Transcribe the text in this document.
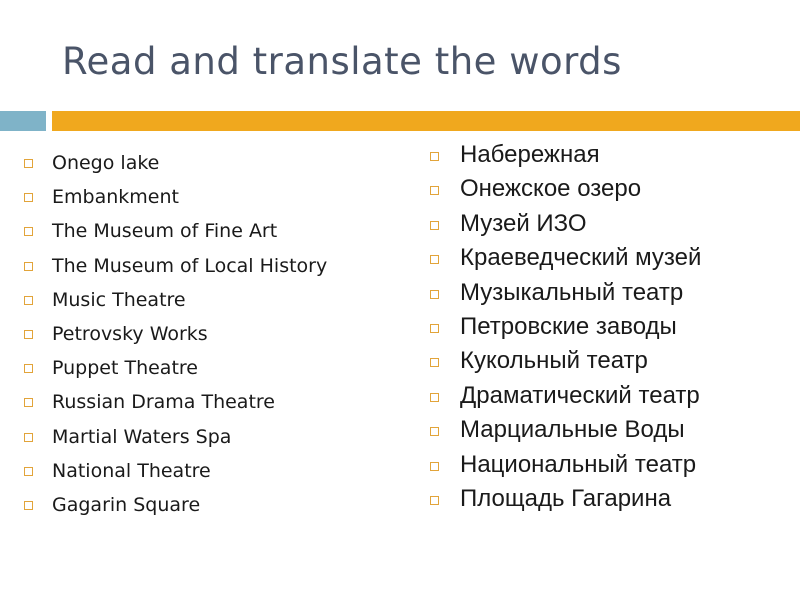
Read and translate the words
Onego lake
Embankment
The Museum of Fine Art
The Museum of Local History
Music Theatre
Petrovsky Works
Puppet Theatre
Russian Drama Theatre
Martial Waters Spa
National Theatre
Gagarin Square
Набережная
Онежское озеро
Музей ИЗО
Краеведческий музей
Музыкальный театр
Петровские заводы
Кукольный театр
Драматический театр
Марциальные Воды
Национальный театр
Площадь Гагарина
